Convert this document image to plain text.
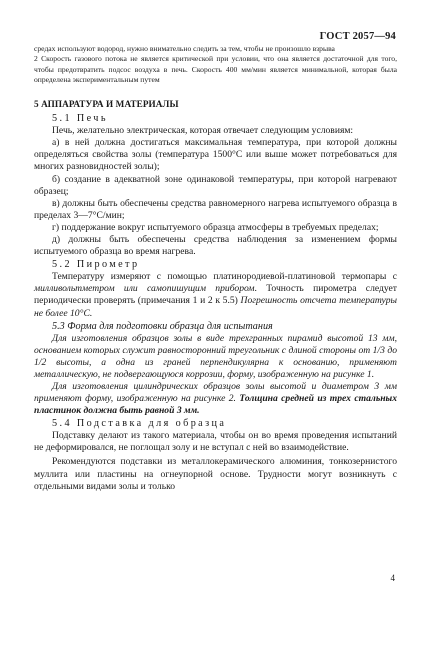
ГОСТ 2057—94

средах используют водород, нужно внимательно следить за тем, чтобы не произошло взрыва

2 Скорость газового потока не является критической при условии, что она является достаточной для того, чтобы предотвратить подсос воздуха в печь. Скорость 400 мм/мин является минимальной, которая была определена экспериментальным путем

5 АППАРАТУРА И МАТЕРИАЛЫ
5.1 Печь

Печь, желательно электрическая, которая отвечает следующим условиям:

а) в ней должна достигаться максимальная температура, при которой должны определяться свойства золы (температура 1500°С или выше может потребоваться для многих разновидностей золы);

б) создание в адекватной зоне одинаковой температуры, при которой нагревают образец;

в) должны быть обеспечены средства равномерного нагрева испытуемого образца в пределах 3—7°С/мин;

г) поддержание вокруг испытуемого образца атмосферы в требуемых пределах;

д) должны быть обеспечены средства наблюдения за изменением формы испытуемого образца во время нагрева.

5.2 Пирометр

Температуру измеряют с помощью платинородиевой-платиновой термопары с милливольтметром или самопишущим прибором. Точность пирометра следует периодически проверять (примечания 1 и 2 к 5.5) Погрешность отсчета температуры не более 10°С.

5.3 Форма для подготовки образца для испытания

Для изготовления образцов золы в виде трехгранных пирамид высотой 13 мм, основанием которых служит равносторонний треугольник с длиной стороны от 1/3 до 1/2 высоты, а одна из граней перпендикулярна к основанию, применяют металлическую, не подвергающуюся коррозии, форму, изображенную на рисунке 1.

Для изготовления цилиндрических образцов золы высотой и диаметром 3 мм применяют форму, изображенную на рисунке 2. Толщина средней из трех стальных пластинок должна быть равной 3 мм.

5.4 Подставка для образца

Подставку делают из такого материала, чтобы он во время проведения испытаний не деформировался, не поглощал золу и не вступал с ней во взаимодействие.

Рекомендуются подставки из металлокерамического алюминия, тонкозернистого муллита или пластины на огнеупорной основе. Трудности могут возникнуть с отдельными видами золы и только

4
